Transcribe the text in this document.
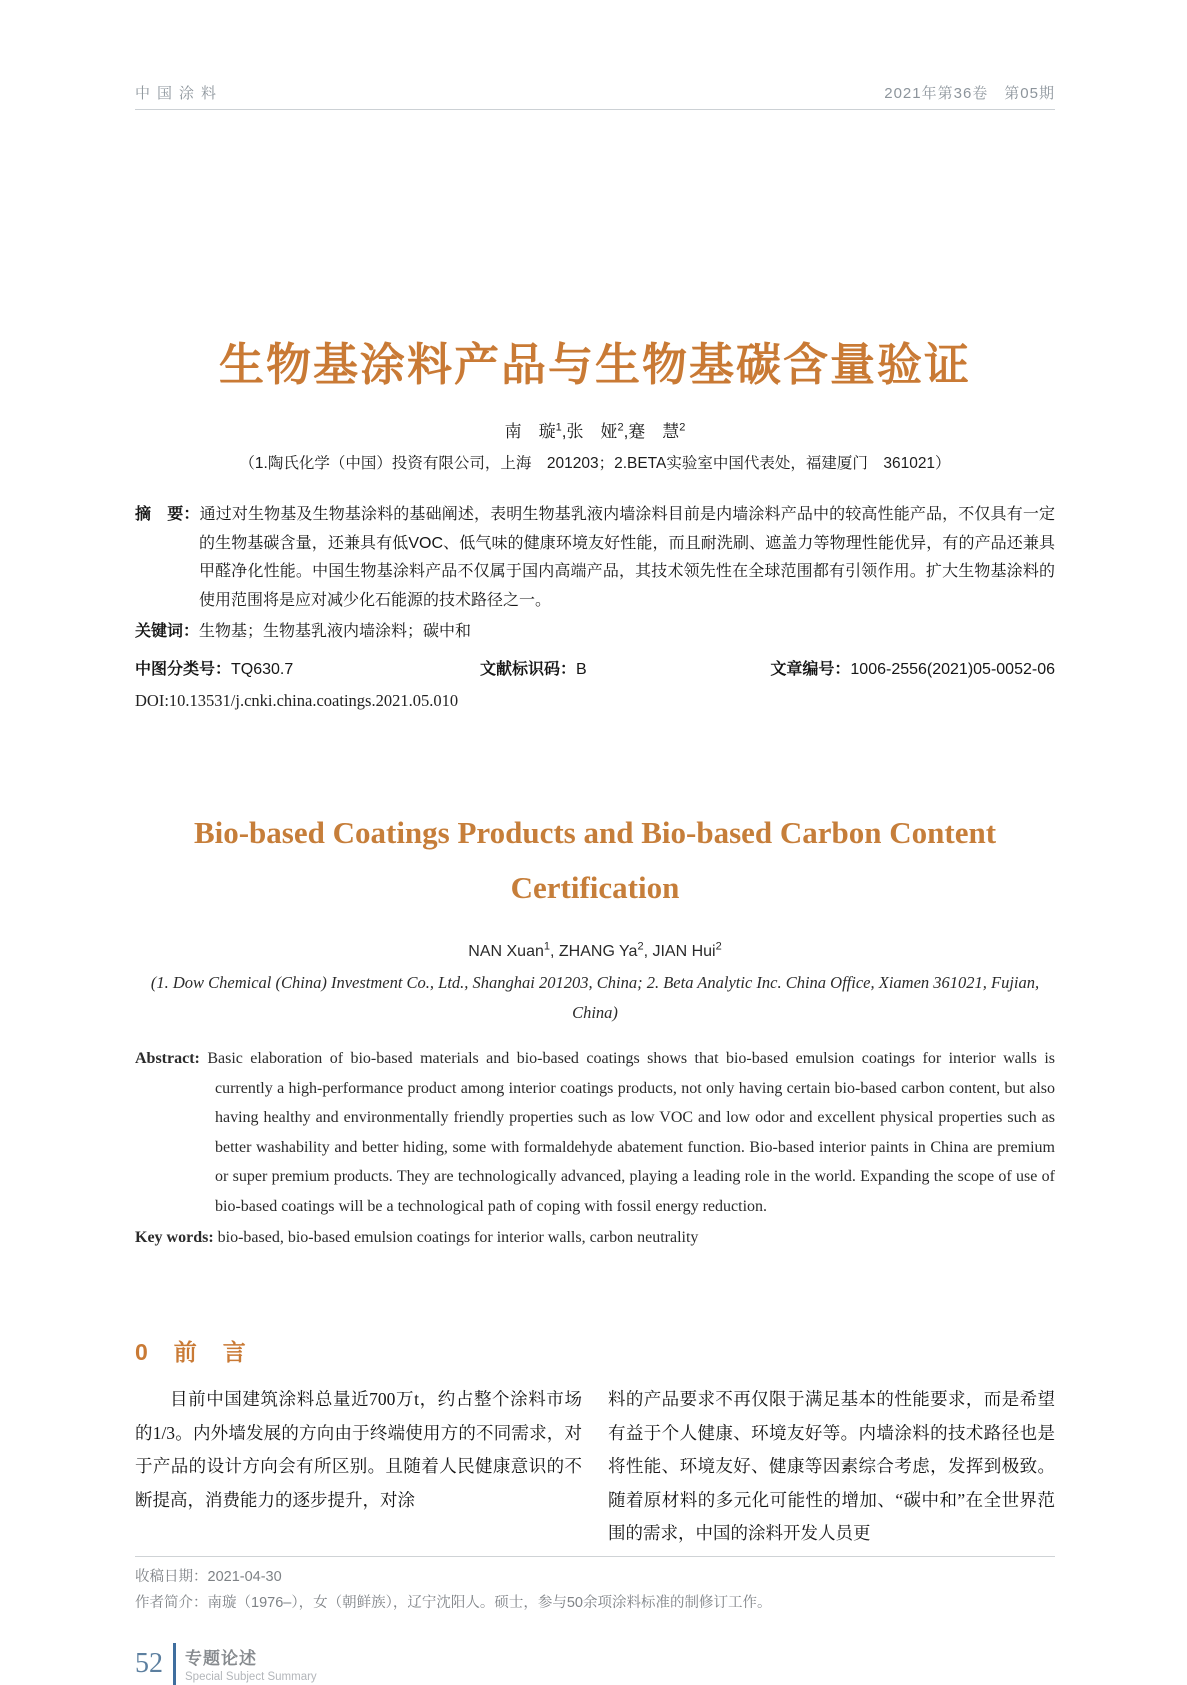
中国涂料	2021年第36卷　第05期
生物基涂料产品与生物基碳含量验证
南　璇$^1$,张　娅$^2$,蹇　慧$^2$
（1.陶氏化学（中国）投资有限公司，上海　201203；2.BETA实验室中国代表处，福建厦门　361021）

摘　要：通过对生物基及生物基涂料的基础阐述，表明生物基乳液内墙涂料目前是内墙涂料产品中的较高性能产品，不仅具有一定的生物基碳含量，还兼具有低VOC、低气味的健康环境友好性能，而且耐洗刷、遮盖力等物理性能优异，有的产品还兼具甲醛净化性能。中国生物基涂料产品不仅属于国内高端产品，其技术领先性在全球范围都有引领作用。扩大生物基涂料的使用范围将是应对减少化石能源的技术路径之一。

关键词：生物基；生物基乳液内墙涂料；碳中和

中图分类号：TQ630.7	文献标识码：B	文章编号：1006-2556(2021)05-0052-06
DOI:10.13531/j.cnki.china.coatings.2021.05.010
Bio-based Coatings Products and Bio-based Carbon Content Certification
NAN Xuan$^1$, ZHANG Ya$^2$, JIAN Hui$^2$
(1. Dow Chemical (China) Investment Co., Ltd., Shanghai 201203, China; 2. Beta Analytic Inc. China Office, Xiamen 361021, Fujian, China)

Abstract: Basic elaboration of bio-based materials and bio-based coatings shows that bio-based emulsion coatings for interior walls is currently a high-performance product among interior coatings products, not only having certain bio-based carbon content, but also having healthy and environmentally friendly properties such as low VOC and low odor and excellent physical properties such as better washability and better hiding, some with formaldehyde abatement function. Bio-based interior paints in China are premium or super premium products. They are technologically advanced, playing a leading role in the world. Expanding the scope of use of bio-based coatings will be a technological path of coping with fossil energy reduction.

Key words: bio-based, bio-based emulsion coatings for interior walls, carbon neutrality

0 前言

目前中国建筑涂料总量近700万t，约占整个涂料市场的1/3。内外墙发展的方向由于终端使用方的不同需求，对于产品的设计方向会有所区别。且随着人民健康意识的不断提高，消费能力的逐步提升，对涂

料的产品要求不再仅限于满足基本的性能要求，而是希望有益于个人健康、环境友好等。内墙涂料的技术路径也是将性能、环境友好、健康等因素综合考虑，发挥到极致。随着原材料的多元化可能性的增加、“碳中和”在全世界范围的需求，中国的涂料开发人员更

收稿日期：2021-04-30
作者简介：南璇（1976–），女（朝鲜族），辽宁沈阳人。硕士，参与50余项涂料标准的制修订工作。
52 专题论述
Special Subject Summary
